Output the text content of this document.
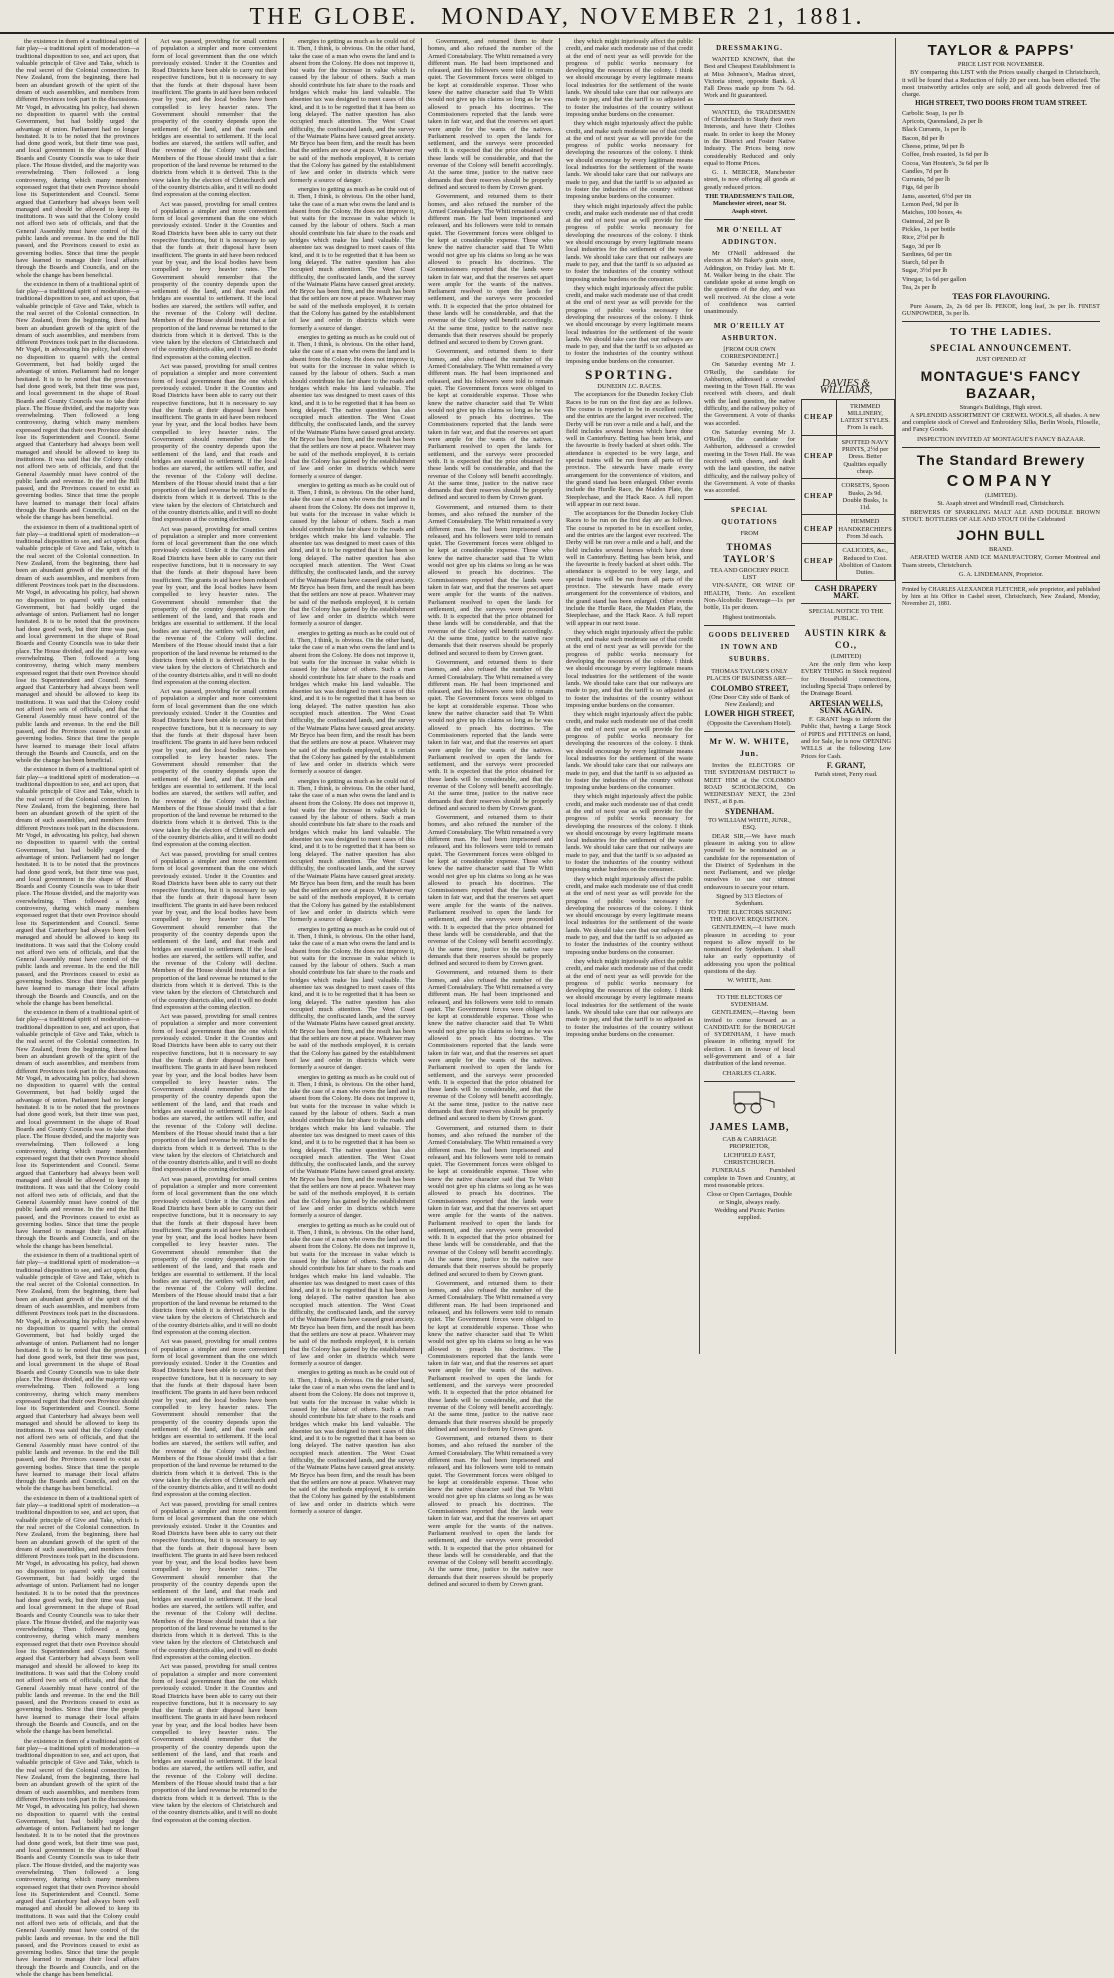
THE GLOBE. MONDAY, NOVEMBER 21, 1881.

the existence in them of a traditional spirit of fair play—a traditional spirit of moderation—a traditional disposition to see, and act upon, that valuable principle of Give and Take, which is the real secret of the Colonial connection. In New Zealand, from the beginning, there had been an abundant growth of the spirit of the dream of such assemblies, and members from different Provinces took part in the discussions. Mr Vogel, in advocating his policy, had shown no disposition to quarrel with the central Government, but had boldly urged the advantage of union. Parliament had no longer hesitated. It is to be noted that the provinces had done good work, but their time was past, and local government in the shape of Road Boards and County Councils was to take their place. The House divided, and the majority was overwhelming. Then followed a long controversy, during which many members expressed regret that their own Province should lose its Superintendent and Council. Some argued that Canterbury had always been well managed and should be allowed to keep its institutions. It was said that the Colony could not afford two sets of officials, and that the General Assembly must have control of the public lands and revenue. In the end the Bill passed, and the Provinces ceased to exist as governing bodies. Since that time the people have learned to manage their local affairs through the Boards and Councils, and on the whole the change has been beneficial.

the existence in them of a traditional spirit of fair play—a traditional spirit of moderation—a traditional disposition to see, and act upon, that valuable principle of Give and Take, which is the real secret of the Colonial connection. In New Zealand, from the beginning, there had been an abundant growth of the spirit of the dream of such assemblies, and members from different Provinces took part in the discussions. Mr Vogel, in advocating his policy, had shown no disposition to quarrel with the central Government, but had boldly urged the advantage of union. Parliament had no longer hesitated. It is to be noted that the provinces had done good work, but their time was past, and local government in the shape of Road Boards and County Councils was to take their place. The House divided, and the majority was overwhelming. Then followed a long controversy, during which many members expressed regret that their own Province should lose its Superintendent and Council. Some argued that Canterbury had always been well managed and should be allowed to keep its institutions. It was said that the Colony could not afford two sets of officials, and that the General Assembly must have control of the public lands and revenue. In the end the Bill passed, and the Provinces ceased to exist as governing bodies. Since that time the people have learned to manage their local affairs through the Boards and Councils, and on the whole the change has been beneficial.

the existence in them of a traditional spirit of fair play—a traditional spirit of moderation—a traditional disposition to see, and act upon, that valuable principle of Give and Take, which is the real secret of the Colonial connection. In New Zealand, from the beginning, there had been an abundant growth of the spirit of the dream of such assemblies, and members from different Provinces took part in the discussions. Mr Vogel, in advocating his policy, had shown no disposition to quarrel with the central Government, but had boldly urged the advantage of union. Parliament had no longer hesitated. It is to be noted that the provinces had done good work, but their time was past, and local government in the shape of Road Boards and County Councils was to take their place. The House divided, and the majority was overwhelming. Then followed a long controversy, during which many members expressed regret that their own Province should lose its Superintendent and Council. Some argued that Canterbury had always been well managed and should be allowed to keep its institutions. It was said that the Colony could not afford two sets of officials, and that the General Assembly must have control of the public lands and revenue. In the end the Bill passed, and the Provinces ceased to exist as governing bodies. Since that time the people have learned to manage their local affairs through the Boards and Councils, and on the whole the change has been beneficial.

the existence in them of a traditional spirit of fair play—a traditional spirit of moderation—a traditional disposition to see, and act upon, that valuable principle of Give and Take, which is the real secret of the Colonial connection. In New Zealand, from the beginning, there had been an abundant growth of the spirit of the dream of such assemblies, and members from different Provinces took part in the discussions. Mr Vogel, in advocating his policy, had shown no disposition to quarrel with the central Government, but had boldly urged the advantage of union. Parliament had no longer hesitated. It is to be noted that the provinces had done good work, but their time was past, and local government in the shape of Road Boards and County Councils was to take their place. The House divided, and the majority was overwhelming. Then followed a long controversy, during which many members expressed regret that their own Province should lose its Superintendent and Council. Some argued that Canterbury had always been well managed and should be allowed to keep its institutions. It was said that the Colony could not afford two sets of officials, and that the General Assembly must have control of the public lands and revenue. In the end the Bill passed, and the Provinces ceased to exist as governing bodies. Since that time the people have learned to manage their local affairs through the Boards and Councils, and on the whole the change has been beneficial.

the existence in them of a traditional spirit of fair play—a traditional spirit of moderation—a traditional disposition to see, and act upon, that valuable principle of Give and Take, which is the real secret of the Colonial connection. In New Zealand, from the beginning, there had been an abundant growth of the spirit of the dream of such assemblies, and members from different Provinces took part in the discussions. Mr Vogel, in advocating his policy, had shown no disposition to quarrel with the central Government, but had boldly urged the advantage of union. Parliament had no longer hesitated. It is to be noted that the provinces had done good work, but their time was past, and local government in the shape of Road Boards and County Councils was to take their place. The House divided, and the majority was overwhelming. Then followed a long controversy, during which many members expressed regret that their own Province should lose its Superintendent and Council. Some argued that Canterbury had always been well managed and should be allowed to keep its institutions. It was said that the Colony could not afford two sets of officials, and that the General Assembly must have control of the public lands and revenue. In the end the Bill passed, and the Provinces ceased to exist as governing bodies. Since that time the people have learned to manage their local affairs through the Boards and Councils, and on the whole the change has been beneficial.

the existence in them of a traditional spirit of fair play—a traditional spirit of moderation—a traditional disposition to see, and act upon, that valuable principle of Give and Take, which is the real secret of the Colonial connection. In New Zealand, from the beginning, there had been an abundant growth of the spirit of the dream of such assemblies, and members from different Provinces took part in the discussions. Mr Vogel, in advocating his policy, had shown no disposition to quarrel with the central Government, but had boldly urged the advantage of union. Parliament had no longer hesitated. It is to be noted that the provinces had done good work, but their time was past, and local government in the shape of Road Boards and County Councils was to take their place. The House divided, and the majority was overwhelming. Then followed a long controversy, during which many members expressed regret that their own Province should lose its Superintendent and Council. Some argued that Canterbury had always been well managed and should be allowed to keep its institutions. It was said that the Colony could not afford two sets of officials, and that the General Assembly must have control of the public lands and revenue. In the end the Bill passed, and the Provinces ceased to exist as governing bodies. Since that time the people have learned to manage their local affairs through the Boards and Councils, and on the whole the change has been beneficial.

the existence in them of a traditional spirit of fair play—a traditional spirit of moderation—a traditional disposition to see, and act upon, that valuable principle of Give and Take, which is the real secret of the Colonial connection. In New Zealand, from the beginning, there had been an abundant growth of the spirit of the dream of such assemblies, and members from different Provinces took part in the discussions. Mr Vogel, in advocating his policy, had shown no disposition to quarrel with the central Government, but had boldly urged the advantage of union. Parliament had no longer hesitated. It is to be noted that the provinces had done good work, but their time was past, and local government in the shape of Road Boards and County Councils was to take their place. The House divided, and the majority was overwhelming. Then followed a long controversy, during which many members expressed regret that their own Province should lose its Superintendent and Council. Some argued that Canterbury had always been well managed and should be allowed to keep its institutions. It was said that the Colony could not afford two sets of officials, and that the General Assembly must have control of the public lands and revenue. In the end the Bill passed, and the Provinces ceased to exist as governing bodies. Since that time the people have learned to manage their local affairs through the Boards and Councils, and on the whole the change has been beneficial.

the existence in them of a traditional spirit of fair play—a traditional spirit of moderation—a traditional disposition to see, and act upon, that valuable principle of Give and Take, which is the real secret of the Colonial connection. In New Zealand, from the beginning, there had been an abundant growth of the spirit of the dream of such assemblies, and members from different Provinces took part in the discussions. Mr Vogel, in advocating his policy, had shown no disposition to quarrel with the central Government, but had boldly urged the advantage of union. Parliament had no longer hesitated. It is to be noted that the provinces had done good work, but their time was past, and local government in the shape of Road Boards and County Councils was to take their place. The House divided, and the majority was overwhelming. Then followed a long controversy, during which many members expressed regret that their own Province should lose its Superintendent and Council. Some argued that Canterbury had always been well managed and should be allowed to keep its institutions. It was said that the Colony could not afford two sets of officials, and that the General Assembly must have control of the public lands and revenue. In the end the Bill passed, and the Provinces ceased to exist as governing bodies. Since that time the people have learned to manage their local affairs through the Boards and Councils, and on the whole the change has been beneficial.

Act was passed, providing for small centres of population a simpler and more convenient form of local government than the one which previously existed. Under it the Counties and Road Districts have been able to carry out their respective functions, but it is necessary to say that the funds at their disposal have been insufficient. The grants in aid have been reduced year by year, and the local bodies have been compelled to levy heavier rates. The Government should remember that the prosperity of the country depends upon the settlement of the land, and that roads and bridges are essential to settlement. If the local bodies are starved, the settlers will suffer, and the revenue of the Colony will decline. Members of the House should insist that a fair proportion of the land revenue be returned to the districts from which it is derived. This is the view taken by the electors of Christchurch and of the country districts alike, and it will no doubt find expression at the coming election.

Act was passed, providing for small centres of population a simpler and more convenient form of local government than the one which previously existed. Under it the Counties and Road Districts have been able to carry out their respective functions, but it is necessary to say that the funds at their disposal have been insufficient. The grants in aid have been reduced year by year, and the local bodies have been compelled to levy heavier rates. The Government should remember that the prosperity of the country depends upon the settlement of the land, and that roads and bridges are essential to settlement. If the local bodies are starved, the settlers will suffer, and the revenue of the Colony will decline. Members of the House should insist that a fair proportion of the land revenue be returned to the districts from which it is derived. This is the view taken by the electors of Christchurch and of the country districts alike, and it will no doubt find expression at the coming election.

Act was passed, providing for small centres of population a simpler and more convenient form of local government than the one which previously existed. Under it the Counties and Road Districts have been able to carry out their respective functions, but it is necessary to say that the funds at their disposal have been insufficient. The grants in aid have been reduced year by year, and the local bodies have been compelled to levy heavier rates. The Government should remember that the prosperity of the country depends upon the settlement of the land, and that roads and bridges are essential to settlement. If the local bodies are starved, the settlers will suffer, and the revenue of the Colony will decline. Members of the House should insist that a fair proportion of the land revenue be returned to the districts from which it is derived. This is the view taken by the electors of Christchurch and of the country districts alike, and it will no doubt find expression at the coming election.

Act was passed, providing for small centres of population a simpler and more convenient form of local government than the one which previously existed. Under it the Counties and Road Districts have been able to carry out their respective functions, but it is necessary to say that the funds at their disposal have been insufficient. The grants in aid have been reduced year by year, and the local bodies have been compelled to levy heavier rates. The Government should remember that the prosperity of the country depends upon the settlement of the land, and that roads and bridges are essential to settlement. If the local bodies are starved, the settlers will suffer, and the revenue of the Colony will decline. Members of the House should insist that a fair proportion of the land revenue be returned to the districts from which it is derived. This is the view taken by the electors of Christchurch and of the country districts alike, and it will no doubt find expression at the coming election.

Act was passed, providing for small centres of population a simpler and more convenient form of local government than the one which previously existed. Under it the Counties and Road Districts have been able to carry out their respective functions, but it is necessary to say that the funds at their disposal have been insufficient. The grants in aid have been reduced year by year, and the local bodies have been compelled to levy heavier rates. The Government should remember that the prosperity of the country depends upon the settlement of the land, and that roads and bridges are essential to settlement. If the local bodies are starved, the settlers will suffer, and the revenue of the Colony will decline. Members of the House should insist that a fair proportion of the land revenue be returned to the districts from which it is derived. This is the view taken by the electors of Christchurch and of the country districts alike, and it will no doubt find expression at the coming election.

Act was passed, providing for small centres of population a simpler and more convenient form of local government than the one which previously existed. Under it the Counties and Road Districts have been able to carry out their respective functions, but it is necessary to say that the funds at their disposal have been insufficient. The grants in aid have been reduced year by year, and the local bodies have been compelled to levy heavier rates. The Government should remember that the prosperity of the country depends upon the settlement of the land, and that roads and bridges are essential to settlement. If the local bodies are starved, the settlers will suffer, and the revenue of the Colony will decline. Members of the House should insist that a fair proportion of the land revenue be returned to the districts from which it is derived. This is the view taken by the electors of Christchurch and of the country districts alike, and it will no doubt find expression at the coming election.

Act was passed, providing for small centres of population a simpler and more convenient form of local government than the one which previously existed. Under it the Counties and Road Districts have been able to carry out their respective functions, but it is necessary to say that the funds at their disposal have been insufficient. The grants in aid have been reduced year by year, and the local bodies have been compelled to levy heavier rates. The Government should remember that the prosperity of the country depends upon the settlement of the land, and that roads and bridges are essential to settlement. If the local bodies are starved, the settlers will suffer, and the revenue of the Colony will decline. Members of the House should insist that a fair proportion of the land revenue be returned to the districts from which it is derived. This is the view taken by the electors of Christchurch and of the country districts alike, and it will no doubt find expression at the coming election.

Act was passed, providing for small centres of population a simpler and more convenient form of local government than the one which previously existed. Under it the Counties and Road Districts have been able to carry out their respective functions, but it is necessary to say that the funds at their disposal have been insufficient. The grants in aid have been reduced year by year, and the local bodies have been compelled to levy heavier rates. The Government should remember that the prosperity of the country depends upon the settlement of the land, and that roads and bridges are essential to settlement. If the local bodies are starved, the settlers will suffer, and the revenue of the Colony will decline. Members of the House should insist that a fair proportion of the land revenue be returned to the districts from which it is derived. This is the view taken by the electors of Christchurch and of the country districts alike, and it will no doubt find expression at the coming election.

Act was passed, providing for small centres of population a simpler and more convenient form of local government than the one which previously existed. Under it the Counties and Road Districts have been able to carry out their respective functions, but it is necessary to say that the funds at their disposal have been insufficient. The grants in aid have been reduced year by year, and the local bodies have been compelled to levy heavier rates. The Government should remember that the prosperity of the country depends upon the settlement of the land, and that roads and bridges are essential to settlement. If the local bodies are starved, the settlers will suffer, and the revenue of the Colony will decline. Members of the House should insist that a fair proportion of the land revenue be returned to the districts from which it is derived. This is the view taken by the electors of Christchurch and of the country districts alike, and it will no doubt find expression at the coming election.

Act was passed, providing for small centres of population a simpler and more convenient form of local government than the one which previously existed. Under it the Counties and Road Districts have been able to carry out their respective functions, but it is necessary to say that the funds at their disposal have been insufficient. The grants in aid have been reduced year by year, and the local bodies have been compelled to levy heavier rates. The Government should remember that the prosperity of the country depends upon the settlement of the land, and that roads and bridges are essential to settlement. If the local bodies are starved, the settlers will suffer, and the revenue of the Colony will decline. Members of the House should insist that a fair proportion of the land revenue be returned to the districts from which it is derived. This is the view taken by the electors of Christchurch and of the country districts alike, and it will no doubt find expression at the coming election.

Act was passed, providing for small centres of population a simpler and more convenient form of local government than the one which previously existed. Under it the Counties and Road Districts have been able to carry out their respective functions, but it is necessary to say that the funds at their disposal have been insufficient. The grants in aid have been reduced year by year, and the local bodies have been compelled to levy heavier rates. The Government should remember that the prosperity of the country depends upon the settlement of the land, and that roads and bridges are essential to settlement. If the local bodies are starved, the settlers will suffer, and the revenue of the Colony will decline. Members of the House should insist that a fair proportion of the land revenue be returned to the districts from which it is derived. This is the view taken by the electors of Christchurch and of the country districts alike, and it will no doubt find expression at the coming election.

energies to getting as much as he could out of it. Then, I think, is obvious. On the other hand, take the case of a man who owns the land and is absent from the Colony. He does not improve it, but waits for the increase in value which is caused by the labour of others. Such a man should contribute his fair share to the roads and bridges which make his land valuable. The absentee tax was designed to meet cases of this kind, and it is to be regretted that it has been so long delayed. The native question has also occupied much attention. The West Coast difficulty, the confiscated lands, and the survey of the Waimate Plains have caused great anxiety. Mr Bryce has been firm, and the result has been that the settlers are now at peace. Whatever may be said of the methods employed, it is certain that the Colony has gained by the establishment of law and order in districts which were formerly a source of danger.

energies to getting as much as he could out of it. Then, I think, is obvious. On the other hand, take the case of a man who owns the land and is absent from the Colony. He does not improve it, but waits for the increase in value which is caused by the labour of others. Such a man should contribute his fair share to the roads and bridges which make his land valuable. The absentee tax was designed to meet cases of this kind, and it is to be regretted that it has been so long delayed. The native question has also occupied much attention. The West Coast difficulty, the confiscated lands, and the survey of the Waimate Plains have caused great anxiety. Mr Bryce has been firm, and the result has been that the settlers are now at peace. Whatever may be said of the methods employed, it is certain that the Colony has gained by the establishment of law and order in districts which were formerly a source of danger.

energies to getting as much as he could out of it. Then, I think, is obvious. On the other hand, take the case of a man who owns the land and is absent from the Colony. He does not improve it, but waits for the increase in value which is caused by the labour of others. Such a man should contribute his fair share to the roads and bridges which make his land valuable. The absentee tax was designed to meet cases of this kind, and it is to be regretted that it has been so long delayed. The native question has also occupied much attention. The West Coast difficulty, the confiscated lands, and the survey of the Waimate Plains have caused great anxiety. Mr Bryce has been firm, and the result has been that the settlers are now at peace. Whatever may be said of the methods employed, it is certain that the Colony has gained by the establishment of law and order in districts which were formerly a source of danger.

energies to getting as much as he could out of it. Then, I think, is obvious. On the other hand, take the case of a man who owns the land and is absent from the Colony. He does not improve it, but waits for the increase in value which is caused by the labour of others. Such a man should contribute his fair share to the roads and bridges which make his land valuable. The absentee tax was designed to meet cases of this kind, and it is to be regretted that it has been so long delayed. The native question has also occupied much attention. The West Coast difficulty, the confiscated lands, and the survey of the Waimate Plains have caused great anxiety. Mr Bryce has been firm, and the result has been that the settlers are now at peace. Whatever may be said of the methods employed, it is certain that the Colony has gained by the establishment of law and order in districts which were formerly a source of danger.

energies to getting as much as he could out of it. Then, I think, is obvious. On the other hand, take the case of a man who owns the land and is absent from the Colony. He does not improve it, but waits for the increase in value which is caused by the labour of others. Such a man should contribute his fair share to the roads and bridges which make his land valuable. The absentee tax was designed to meet cases of this kind, and it is to be regretted that it has been so long delayed. The native question has also occupied much attention. The West Coast difficulty, the confiscated lands, and the survey of the Waimate Plains have caused great anxiety. Mr Bryce has been firm, and the result has been that the settlers are now at peace. Whatever may be said of the methods employed, it is certain that the Colony has gained by the establishment of law and order in districts which were formerly a source of danger.

energies to getting as much as he could out of it. Then, I think, is obvious. On the other hand, take the case of a man who owns the land and is absent from the Colony. He does not improve it, but waits for the increase in value which is caused by the labour of others. Such a man should contribute his fair share to the roads and bridges which make his land valuable. The absentee tax was designed to meet cases of this kind, and it is to be regretted that it has been so long delayed. The native question has also occupied much attention. The West Coast difficulty, the confiscated lands, and the survey of the Waimate Plains have caused great anxiety. Mr Bryce has been firm, and the result has been that the settlers are now at peace. Whatever may be said of the methods employed, it is certain that the Colony has gained by the establishment of law and order in districts which were formerly a source of danger.

energies to getting as much as he could out of it. Then, I think, is obvious. On the other hand, take the case of a man who owns the land and is absent from the Colony. He does not improve it, but waits for the increase in value which is caused by the labour of others. Such a man should contribute his fair share to the roads and bridges which make his land valuable. The absentee tax was designed to meet cases of this kind, and it is to be regretted that it has been so long delayed. The native question has also occupied much attention. The West Coast difficulty, the confiscated lands, and the survey of the Waimate Plains have caused great anxiety. Mr Bryce has been firm, and the result has been that the settlers are now at peace. Whatever may be said of the methods employed, it is certain that the Colony has gained by the establishment of law and order in districts which were formerly a source of danger.

energies to getting as much as he could out of it. Then, I think, is obvious. On the other hand, take the case of a man who owns the land and is absent from the Colony. He does not improve it, but waits for the increase in value which is caused by the labour of others. Such a man should contribute his fair share to the roads and bridges which make his land valuable. The absentee tax was designed to meet cases of this kind, and it is to be regretted that it has been so long delayed. The native question has also occupied much attention. The West Coast difficulty, the confiscated lands, and the survey of the Waimate Plains have caused great anxiety. Mr Bryce has been firm, and the result has been that the settlers are now at peace. Whatever may be said of the methods employed, it is certain that the Colony has gained by the establishment of law and order in districts which were formerly a source of danger.

energies to getting as much as he could out of it. Then, I think, is obvious. On the other hand, take the case of a man who owns the land and is absent from the Colony. He does not improve it, but waits for the increase in value which is caused by the labour of others. Such a man should contribute his fair share to the roads and bridges which make his land valuable. The absentee tax was designed to meet cases of this kind, and it is to be regretted that it has been so long delayed. The native question has also occupied much attention. The West Coast difficulty, the confiscated lands, and the survey of the Waimate Plains have caused great anxiety. Mr Bryce has been firm, and the result has been that the settlers are now at peace. Whatever may be said of the methods employed, it is certain that the Colony has gained by the establishment of law and order in districts which were formerly a source of danger.

energies to getting as much as he could out of it. Then, I think, is obvious. On the other hand, take the case of a man who owns the land and is absent from the Colony. He does not improve it, but waits for the increase in value which is caused by the labour of others. Such a man should contribute his fair share to the roads and bridges which make his land valuable. The absentee tax was designed to meet cases of this kind, and it is to be regretted that it has been so long delayed. The native question has also occupied much attention. The West Coast difficulty, the confiscated lands, and the survey of the Waimate Plains have caused great anxiety. Mr Bryce has been firm, and the result has been that the settlers are now at peace. Whatever may be said of the methods employed, it is certain that the Colony has gained by the establishment of law and order in districts which were formerly a source of danger.

Government, and returned them to their homes, and also refused the number of the Armed Constabulary. The Whiti remained a very different man. He had been imprisoned and released, and his followers were told to remain quiet. The Government forces were obliged to be kept at considerable expense. Those who knew the native character said that Te Whiti would not give up his claims so long as he was allowed to preach his doctrines. The Commissioners reported that the lands were taken in fair war, and that the reserves set apart were ample for the wants of the natives. Parliament resolved to open the lands for settlement, and the surveys were proceeded with. It is expected that the price obtained for these lands will be considerable, and that the revenue of the Colony will benefit accordingly. At the same time, justice to the native race demands that their reserves should be properly defined and secured to them by Crown grant.

Government, and returned them to their homes, and also refused the number of the Armed Constabulary. The Whiti remained a very different man. He had been imprisoned and released, and his followers were told to remain quiet. The Government forces were obliged to be kept at considerable expense. Those who knew the native character said that Te Whiti would not give up his claims so long as he was allowed to preach his doctrines. The Commissioners reported that the lands were taken in fair war, and that the reserves set apart were ample for the wants of the natives. Parliament resolved to open the lands for settlement, and the surveys were proceeded with. It is expected that the price obtained for these lands will be considerable, and that the revenue of the Colony will benefit accordingly. At the same time, justice to the native race demands that their reserves should be properly defined and secured to them by Crown grant.

Government, and returned them to their homes, and also refused the number of the Armed Constabulary. The Whiti remained a very different man. He had been imprisoned and released, and his followers were told to remain quiet. The Government forces were obliged to be kept at considerable expense. Those who knew the native character said that Te Whiti would not give up his claims so long as he was allowed to preach his doctrines. The Commissioners reported that the lands were taken in fair war, and that the reserves set apart were ample for the wants of the natives. Parliament resolved to open the lands for settlement, and the surveys were proceeded with. It is expected that the price obtained for these lands will be considerable, and that the revenue of the Colony will benefit accordingly. At the same time, justice to the native race demands that their reserves should be properly defined and secured to them by Crown grant.

Government, and returned them to their homes, and also refused the number of the Armed Constabulary. The Whiti remained a very different man. He had been imprisoned and released, and his followers were told to remain quiet. The Government forces were obliged to be kept at considerable expense. Those who knew the native character said that Te Whiti would not give up his claims so long as he was allowed to preach his doctrines. The Commissioners reported that the lands were taken in fair war, and that the reserves set apart were ample for the wants of the natives. Parliament resolved to open the lands for settlement, and the surveys were proceeded with. It is expected that the price obtained for these lands will be considerable, and that the revenue of the Colony will benefit accordingly. At the same time, justice to the native race demands that their reserves should be properly defined and secured to them by Crown grant.

Government, and returned them to their homes, and also refused the number of the Armed Constabulary. The Whiti remained a very different man. He had been imprisoned and released, and his followers were told to remain quiet. The Government forces were obliged to be kept at considerable expense. Those who knew the native character said that Te Whiti would not give up his claims so long as he was allowed to preach his doctrines. The Commissioners reported that the lands were taken in fair war, and that the reserves set apart were ample for the wants of the natives. Parliament resolved to open the lands for settlement, and the surveys were proceeded with. It is expected that the price obtained for these lands will be considerable, and that the revenue of the Colony will benefit accordingly. At the same time, justice to the native race demands that their reserves should be properly defined and secured to them by Crown grant.

Government, and returned them to their homes, and also refused the number of the Armed Constabulary. The Whiti remained a very different man. He had been imprisoned and released, and his followers were told to remain quiet. The Government forces were obliged to be kept at considerable expense. Those who knew the native character said that Te Whiti would not give up his claims so long as he was allowed to preach his doctrines. The Commissioners reported that the lands were taken in fair war, and that the reserves set apart were ample for the wants of the natives. Parliament resolved to open the lands for settlement, and the surveys were proceeded with. It is expected that the price obtained for these lands will be considerable, and that the revenue of the Colony will benefit accordingly. At the same time, justice to the native race demands that their reserves should be properly defined and secured to them by Crown grant.

Government, and returned them to their homes, and also refused the number of the Armed Constabulary. The Whiti remained a very different man. He had been imprisoned and released, and his followers were told to remain quiet. The Government forces were obliged to be kept at considerable expense. Those who knew the native character said that Te Whiti would not give up his claims so long as he was allowed to preach his doctrines. The Commissioners reported that the lands were taken in fair war, and that the reserves set apart were ample for the wants of the natives. Parliament resolved to open the lands for settlement, and the surveys were proceeded with. It is expected that the price obtained for these lands will be considerable, and that the revenue of the Colony will benefit accordingly. At the same time, justice to the native race demands that their reserves should be properly defined and secured to them by Crown grant.

Government, and returned them to their homes, and also refused the number of the Armed Constabulary. The Whiti remained a very different man. He had been imprisoned and released, and his followers were told to remain quiet. The Government forces were obliged to be kept at considerable expense. Those who knew the native character said that Te Whiti would not give up his claims so long as he was allowed to preach his doctrines. The Commissioners reported that the lands were taken in fair war, and that the reserves set apart were ample for the wants of the natives. Parliament resolved to open the lands for settlement, and the surveys were proceeded with. It is expected that the price obtained for these lands will be considerable, and that the revenue of the Colony will benefit accordingly. At the same time, justice to the native race demands that their reserves should be properly defined and secured to them by Crown grant.

Government, and returned them to their homes, and also refused the number of the Armed Constabulary. The Whiti remained a very different man. He had been imprisoned and released, and his followers were told to remain quiet. The Government forces were obliged to be kept at considerable expense. Those who knew the native character said that Te Whiti would not give up his claims so long as he was allowed to preach his doctrines. The Commissioners reported that the lands were taken in fair war, and that the reserves set apart were ample for the wants of the natives. Parliament resolved to open the lands for settlement, and the surveys were proceeded with. It is expected that the price obtained for these lands will be considerable, and that the revenue of the Colony will benefit accordingly. At the same time, justice to the native race demands that their reserves should be properly defined and secured to them by Crown grant.

Government, and returned them to their homes, and also refused the number of the Armed Constabulary. The Whiti remained a very different man. He had been imprisoned and released, and his followers were told to remain quiet. The Government forces were obliged to be kept at considerable expense. Those who knew the native character said that Te Whiti would not give up his claims so long as he was allowed to preach his doctrines. The Commissioners reported that the lands were taken in fair war, and that the reserves set apart were ample for the wants of the natives. Parliament resolved to open the lands for settlement, and the surveys were proceeded with. It is expected that the price obtained for these lands will be considerable, and that the revenue of the Colony will benefit accordingly. At the same time, justice to the native race demands that their reserves should be properly defined and secured to them by Crown grant.

they which might injuriously affect the public credit, and make such moderate use of that credit at the end of next year as will provide for the progress of public works necessary for developing the resources of the colony. I think we should encourage by every legitimate means local industries for the settlement of the waste lands. We should take care that our railways are made to pay, and that the tariff is so adjusted as to foster the industries of the country without imposing undue burdens on the consumer.

they which might injuriously affect the public credit, and make such moderate use of that credit at the end of next year as will provide for the progress of public works necessary for developing the resources of the colony. I think we should encourage by every legitimate means local industries for the settlement of the waste lands. We should take care that our railways are made to pay, and that the tariff is so adjusted as to foster the industries of the country without imposing undue burdens on the consumer.

they which might injuriously affect the public credit, and make such moderate use of that credit at the end of next year as will provide for the progress of public works necessary for developing the resources of the colony. I think we should encourage by every legitimate means local industries for the settlement of the waste lands. We should take care that our railways are made to pay, and that the tariff is so adjusted as to foster the industries of the country without imposing undue burdens on the consumer.

they which might injuriously affect the public credit, and make such moderate use of that credit at the end of next year as will provide for the progress of public works necessary for developing the resources of the colony. I think we should encourage by every legitimate means local industries for the settlement of the waste lands. We should take care that our railways are made to pay, and that the tariff is so adjusted as to foster the industries of the country without imposing undue burdens on the consumer.

SPORTING.
DUNEDIN J.C. RACES.

The acceptances for the Dunedin Jockey Club Races to be run on the first day are as follows. The course is reported to be in excellent order, and the entries are the largest ever received. The Derby will be run over a mile and a half, and the field includes several horses which have done well in Canterbury. Betting has been brisk, and the favourite is freely backed at short odds. The attendance is expected to be very large, and special trains will be run from all parts of the province. The stewards have made every arrangement for the convenience of visitors, and the grand stand has been enlarged. Other events include the Hurdle Race, the Maiden Plate, the Steeplechase, and the Hack Race. A full report will appear in our next issue.

The acceptances for the Dunedin Jockey Club Races to be run on the first day are as follows. The course is reported to be in excellent order, and the entries are the largest ever received. The Derby will be run over a mile and a half, and the field includes several horses which have done well in Canterbury. Betting has been brisk, and the favourite is freely backed at short odds. The attendance is expected to be very large, and special trains will be run from all parts of the province. The stewards have made every arrangement for the convenience of visitors, and the grand stand has been enlarged. Other events include the Hurdle Race, the Maiden Plate, the Steeplechase, and the Hack Race. A full report will appear in our next issue.

they which might injuriously affect the public credit, and make such moderate use of that credit at the end of next year as will provide for the progress of public works necessary for developing the resources of the colony. I think we should encourage by every legitimate means local industries for the settlement of the waste lands. We should take care that our railways are made to pay, and that the tariff is so adjusted as to foster the industries of the country without imposing undue burdens on the consumer.

they which might injuriously affect the public credit, and make such moderate use of that credit at the end of next year as will provide for the progress of public works necessary for developing the resources of the colony. I think we should encourage by every legitimate means local industries for the settlement of the waste lands. We should take care that our railways are made to pay, and that the tariff is so adjusted as to foster the industries of the country without imposing undue burdens on the consumer.

they which might injuriously affect the public credit, and make such moderate use of that credit at the end of next year as will provide for the progress of public works necessary for developing the resources of the colony. I think we should encourage by every legitimate means local industries for the settlement of the waste lands. We should take care that our railways are made to pay, and that the tariff is so adjusted as to foster the industries of the country without imposing undue burdens on the consumer.

they which might injuriously affect the public credit, and make such moderate use of that credit at the end of next year as will provide for the progress of public works necessary for developing the resources of the colony. I think we should encourage by every legitimate means local industries for the settlement of the waste lands. We should take care that our railways are made to pay, and that the tariff is so adjusted as to foster the industries of the country without imposing undue burdens on the consumer.

they which might injuriously affect the public credit, and make such moderate use of that credit at the end of next year as will provide for the progress of public works necessary for developing the resources of the colony. I think we should encourage by every legitimate means local industries for the settlement of the waste lands. We should take care that our railways are made to pay, and that the tariff is so adjusted as to foster the industries of the country without imposing undue burdens on the consumer.

DRESSMAKING.

WANTED KNOWN, that the Best and Cheapest Establishment is at Miss Johnson's, Madras street, Victoria street, opposite Bank. A Fall Dress made up from 7s 6d. Work and fit guaranteed.

WANTED, the TRADESMEN of Christchurch to Study their own Interests, and have their Clothes made. In order to keep the Money in the District and Foster Native Industry. The Prices being now considerably Reduced and only equal to Home Prices.

G. I. MERCER, Manchester street, is now offering all goods at greatly reduced prices.

THE TRADESMEN'S TAILOR, Manchester street, near St. Asaph street.
MR O'NEILL AT ADDINGTON.

Mr O'Neill addressed the electors at Mr Baker's grain store, Addington, on Friday last. Mr E. M. Walker being in the chair. The candidate spoke at some length on the questions of the day, and was well received. At the close a vote of confidence was carried unanimously.

MR O'REILLY AT ASHBURTON.
[FROM OUR OWN CORRESPONDENT.]

On Saturday evening Mr J. O'Reilly, the candidate for Ashburton, addressed a crowded meeting in the Town Hall. He was received with cheers, and dealt with the land question, the native difficulty, and the railway policy of the Government. A vote of thanks was accorded.

On Saturday evening Mr J. O'Reilly, the candidate for Ashburton, addressed a crowded meeting in the Town Hall. He was received with cheers, and dealt with the land question, the native difficulty, and the railway policy of the Government. A vote of thanks was accorded.

SPECIAL QUOTATIONS
FROM
THOMAS TAYLOR'S
TEA AND GROCERY PRICE LIST

VIN-SANTE, OR WINE OF HEALTH, Tonic. An excellent Non-Alcoholic Beverage—1s per bottle, 11s per dozen.

Highest testimonials.
GOODS DELIVERED IN TOWN AND SUBURBS.
THOMAS TAYLOR'S ONLY PLACES OF BUSINESS ARE—
COLOMBO STREET,
(One Door City side of Bank of New Zealand); and
LOWER HIGH STREET,
(Opposite the Caversham Hotel).
Mr W. W. WHITE, Jun.

Invites the ELECTORS OF THE SYDENHAM DISTRICT to MEET HIM at the COLOMBO ROAD SCHOOLROOM, On WEDNESDAY NEXT, the 23rd INST., at 8 p.m.

SYDENHAM.
TO WILLIAM WHITE, JUNR., ESQ.

DEAR SIR,—We have much pleasure in asking you to allow yourself to be nominated as a candidate for the representation of the District of Sydenham in the next Parliament, and we pledge ourselves to use our utmost endeavours to secure your return.

Signed by 313 Electors of Sydenham.
TO THE ELECTORS SIGNING THE ABOVE REQUISITION.

GENTLEMEN,—I have much pleasure in acceding to your request to allow myself to be nominated for Sydenham. I shall take an early opportunity of addressing you upon the political questions of the day.

W. WHITE, Junr.
TO THE ELECTORS OF SYDENHAM.

GENTLEMEN,—Having been invited to come forward as a CANDIDATE for the BOROUGH of SYDENHAM, I have much pleasure in offering myself for election. I am in favour of local self-government and of a fair distribution of the land revenue.

CHARLES CLARK.
JAMES LAMB,
CAB & CARRIAGE PROPRIETOR,
LICHFIELD EAST, CHRISTCHURCH.

FUNERALS Furnished complete in Town and Country, at most reasonable prices.

Close or Open Carriages, Double or Single, always ready.
Wedding and Picnic Parties supplied.
DAVIES & WILLIAMS,
CHEAP	TRIMMED MILLINERY, LATEST STYLES. From 1s each.
CHEAP	SPOTTED NAVY PRINTS, 2½d per Dress. Better Qualities equally cheap.
CHEAP	CORSETS, Spoon Busks, 2s 9d. Double Busks, 1s 11d.
CHEAP	HEMMED HANDKERCHIEFS From 3d each.
CHEAP	CALICOES, &c., Reduced to Cost. Abolition of Custom Duties.
CASH DRAPERY MART.
SPECIAL NOTICE TO THE PUBLIC.
AUSTIN KIRK & CO.,
(LIMITED)

Are the only firm who keep EVERY THING in Stock required for Household connections, including Special Traps ordered by the Drainage Board.

ARTESIAN WELLS, SUNK AGAIN.

F. GRANT begs to inform the Public that, having a Large Stock of PIPES and FITTINGS on hand, and for Sale, he is now OPENING WELLS at the following Low Prices for Cash.

F. GRANT,
Parish street, Ferry road.
TAYLOR & PAPPS'
PRICE LIST FOR NOVEMBER.

BY comparing this LIST with the Prices usually charged in Christchurch, it will be found that a Reduction of fully 20 per cent. has been effected. The most trustworthy articles only are sold, and all goods delivered free of charge.

HIGH STREET, TWO DOORS FROM TUAM STREET.

Carbolic Soap, 1s per lb

Apricots, Queensland, 2s per lb

Black Currants, 1s per lb

Bacon, 8d per lb

Cheese, prime, 9d per lb

Coffee, fresh roasted, 1s 6d per lb

Cocoa, Van Houten's, 3s 6d per lb

Candles, 7d per lb

Currants, 5d per lb

Figs, 6d per lb

Jams, assorted, 6½d per tin

Lemon Peel, 9d per lb

Matches, 100 boxes, 4s

Oatmeal, 2d per lb

Pickles, 1s per bottle

Rice, 2½d per lb

Sago, 3d per lb

Sardines, 6d per tin

Starch, 6d per lb

Sugar, 3½d per lb

Vinegar, 1s 6d per gallon

Tea, 2s per lb

TEAS FOR FLAVOURING.

Pure Assam, 2s, 2s 6d per lb. PEKOE, long leaf, 3s per lb. FINEST GUNPOWDER, 3s per lb.

TO THE LADIES.
SPECIAL ANNOUNCEMENT.
JUST OPENED AT
MONTAGUE'S FANCY BAZAAR,
Strange's Buildings, High street.

A SPLENDID ASSORTMENT OF CREWEL WOOLS, all shades. A new and complete stock of Crewel and Embroidery Silks, Berlin Wools, Filoselle, and Fancy Goods.

INSPECTION INVITED AT MONTAGUE'S FANCY BAZAAR.
The Standard Brewery
COMPANY
(LIMITED).
St. Asaph street and Windmill road, Christchurch.

BREWERS OF SPARKLING MALT ALE AND DOUBLE BROWN STOUT. BOTTLERS OF ALE AND STOUT Of the Celebrated

JOHN BULL
BRAND.

AERATED WATER AND ICE MANUFACTORY, Corner Montreal and Tuam streets, Christchurch.

G. A. LINDEMANN, Proprietor.
Printed by CHARLES ALEXANDER FLETCHER, sole proprietor, and published by him at his Office in Cashel street, Christchurch, New Zealand, Monday, November 21, 1881.
